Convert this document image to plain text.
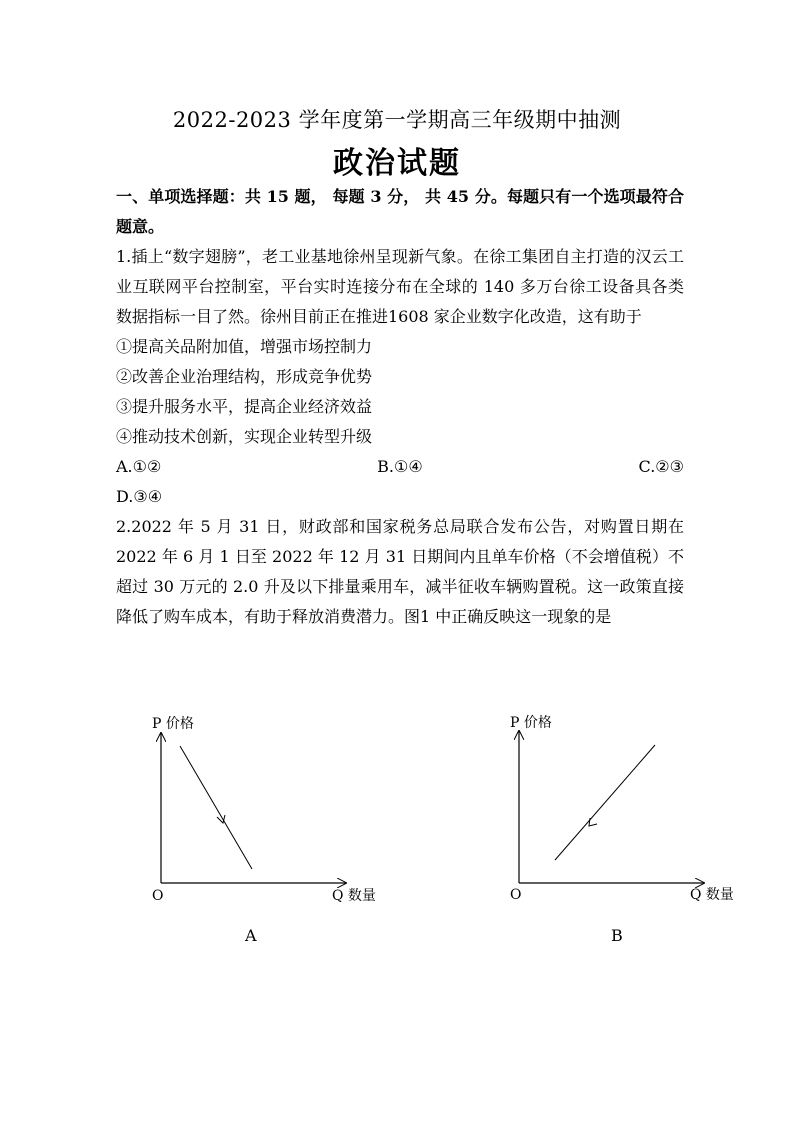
2022-2023 学年度第一学期高三年级期中抽测
政治试题

一、单项选择题：共 15 题， 每题 3 分， 共 45 分。每题只有一个选项最符合题意。

1.插上“数字翅膀”，老工业基地徐州呈现新气象。在徐工集团自主打造的汉云工业互联网平台控制室，平台实时连接分布在全球的 140 多万台徐工设备具各类数据指标一目了然。徐州目前正在推进1608 家企业数字化改造，这有助于

①提高关品附加值，增强市场控制力

②改善企业治理结构，形成竞争优势

③提升服务水平，提高企业经济效益

④推动技术创新，实现企业转型升级

A.①②	B.①④	C.②③

D.③④

2.2022 年 5 月 31 日，财政部和国家税务总局联合发布公告，对购置日期在 2022 年 6 月 1 日至 2022 年 12 月 31 日期间内且单车价格（不会增值税）不超过 30 万元的 2.0 升及以下排量乘用车，减半征收车辆购置税。这一政策直接降低了购车成本，有助于释放消费潜力。图1 中正确反映这一现象的是

P 价格
Q 数量
O
A
P 价格
Q 数量
O
B
